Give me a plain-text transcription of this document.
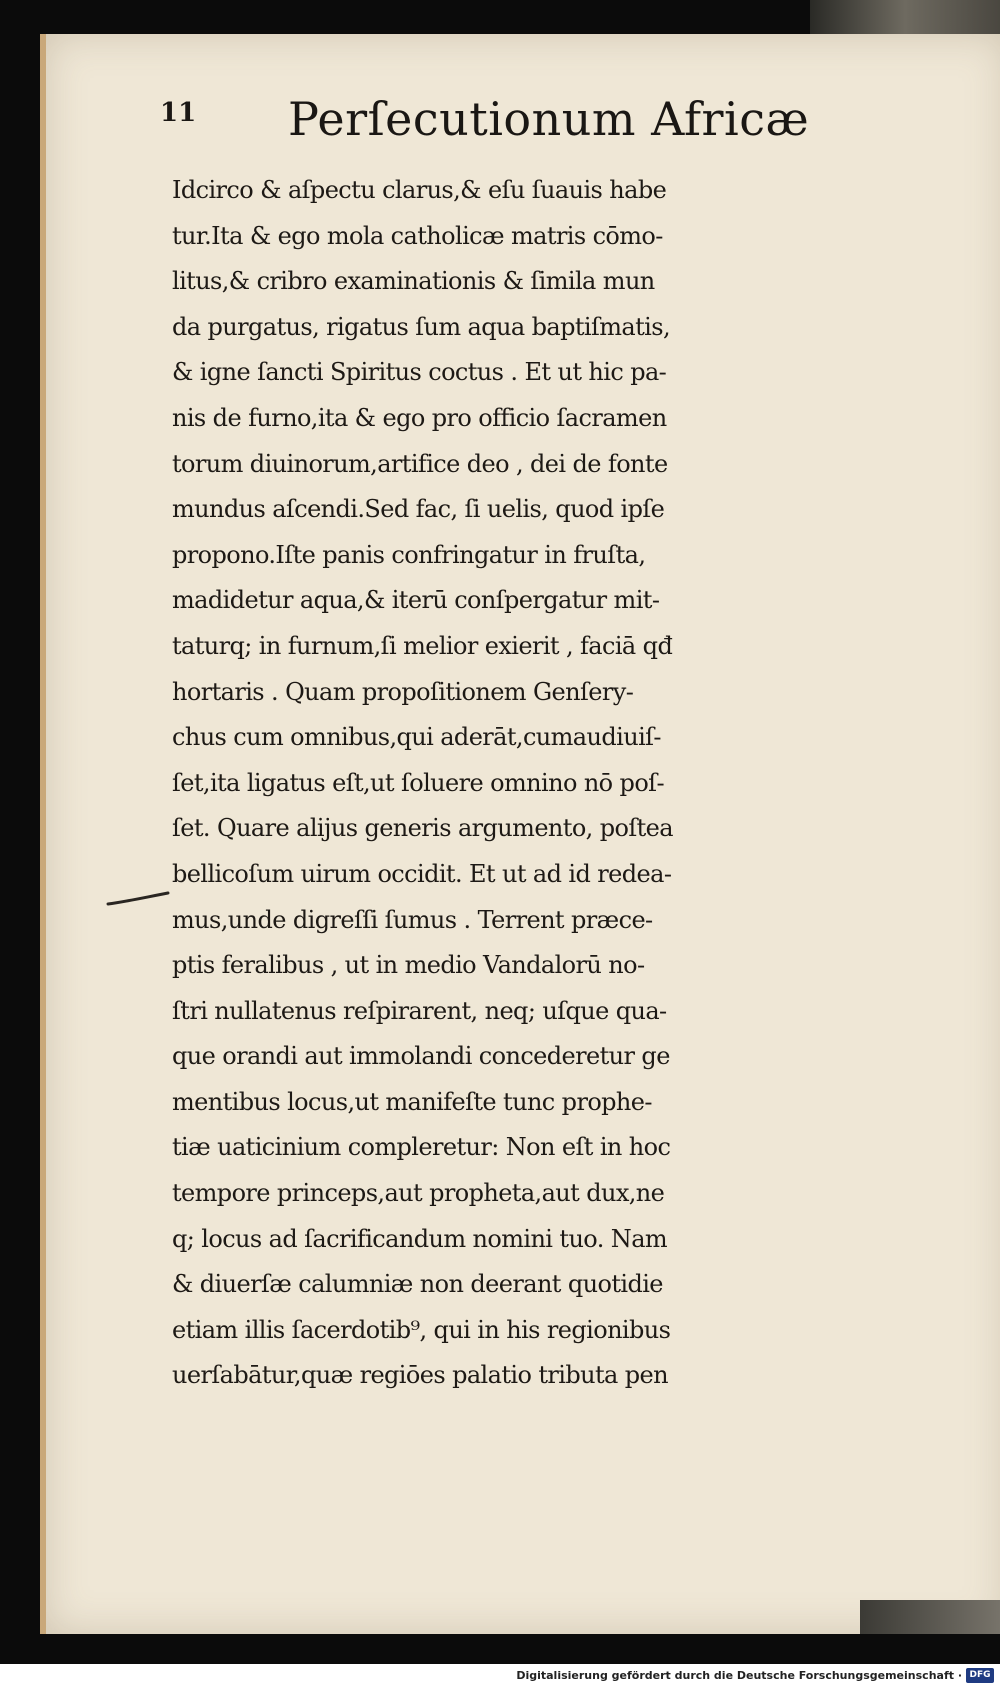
11 Perſecutionum Africæ
Idcirco & aſpectu clarus,& eſu ſuauis habe
tur.Ita & ego mola catholicæ matris cōmo-
litus,& cribro examinationis & ſimila mun
da purgatus, rigatus ſum aqua baptiſmatis,
& igne ſancti Spiritus coctus . Et ut hic pa-
nis de furno,ita & ego pro officio ſacramen
torum diuinorum,artifice deo , dei de fonte
mundus aſcendi.Sed fac, ſi uelis, quod ipſe
propono.Iſte panis confringatur in fruſta,
madidetur aqua,& iterū conſpergatur mit-
taturq; in furnum,ſi melior exierit , faciā qđ
hortaris . Quam propoſitionem Genſery-
chus cum omnibus,qui aderāt,cumaudiuiſ-
ſet,ita ligatus eſt,ut ſoluere omnino nō poſ-
ſet. Quare alijus generis argumento, poſtea
bellicoſum uirum occidit. Et ut ad id redea-
mus,unde digreſſi ſumus . Terrent præce-
ptis feralibus , ut in medio Vandalorū no-
ſtri nullatenus reſpirarent, neq; uſque qua-
que orandi aut immolandi concederetur ge
mentibus locus,ut manifeſte tunc prophe-
tiæ uaticinium compleretur: Non eſt in hoc
tempore princeps,aut propheta,aut dux,ne
q; locus ad ſacrificandum nomini tuo. Nam
& diuerſæ calumniæ non deerant quotidie
etiam illis ſacerdotib⁹, qui in his regionibus
uerſabātur,quæ regiōes palatio tributa pen
Digitalisierung gefördert durch die Deutsche Forschungsgemeinschaft · DFG
